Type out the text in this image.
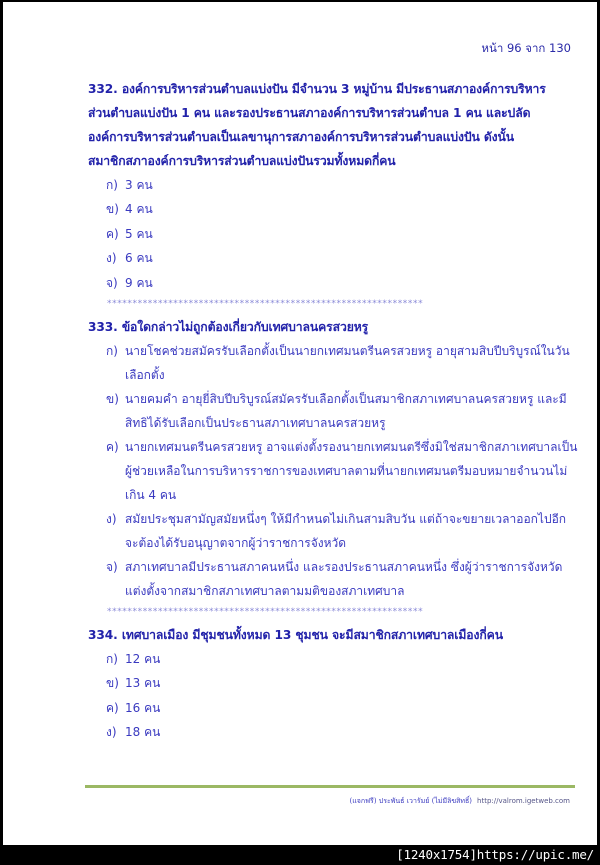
หน้า 96 จาก 130
332. องค์การบริหารส่วนตำบลแบ่งปัน มีจำนวน 3 หมู่บ้าน มีประธานสภาองค์การบริหาร
ส่วนตำบลแบ่งปัน 1 คน และรองประธานสภาองค์การบริหารส่วนตำบล 1 คน และปลัด
องค์การบริหารส่วนตำบลเป็นเลขานุการสภาองค์การบริหารส่วนตำบลแบ่งปัน ดังนั้น
สมาชิกสภาองค์การบริหารส่วนตำบลแบ่งปันรวมทั้งหมดกี่คน
ก) 3 คน
ข) 4 คน
ค) 5 คน
ง) 6 คน
จ) 9 คน
**************************************************************
333. ข้อใดกล่าวไม่ถูกต้องเกี่ยวกับเทศบาลนครสวยหรู
ก) นายโชคช่วยสมัครรับเลือกตั้งเป็นนายกเทศมนตรีนครสวยหรู อายุสามสิบปีบริบูรณ์ในวัน
เลือกตั้ง
ข) นายคมคำ อายุยี่สิบปีบริบูรณ์สมัครรับเลือกตั้งเป็นสมาชิกสภาเทศบาลนครสวยหรู และมี
สิทธิได้รับเลือกเป็นประธานสภาเทศบาลนครสวยหรู
ค) นายกเทศมนตรีนครสวยหรู อาจแต่งตั้งรองนายกเทศมนตรีซึ่งมิใช่สมาชิกสภาเทศบาลเป็น
ผู้ช่วยเหลือในการบริหารราชการของเทศบาลตามที่นายกเทศมนตรีมอบหมายจำนวนไม่
เกิน 4 คน
ง) สมัยประชุมสามัญสมัยหนึ่งๆ ให้มีกำหนดไม่เกินสามสิบวัน แต่ถ้าจะขยายเวลาออกไปอีก
จะต้องได้รับอนุญาตจากผู้ว่าราชการจังหวัด
จ) สภาเทศบาลมีประธานสภาคนหนึ่ง และรองประธานสภาคนหนึ่ง ซึ่งผู้ว่าราชการจังหวัด
แต่งตั้งจากสมาชิกสภาเทศบาลตามมติของสภาเทศบาล
**************************************************************
334. เทศบาลเมือง มีชุมชนทั้งหมด 13 ชุมชน จะมีสมาชิกสภาเทศบาลเมืองกี่คน
ก) 12 คน
ข) 13 คน
ค) 16 คน
ง) 18 คน
(แจกฟรี) ประพันธ์ เวารัมย์ (ไม่มีลิขสิทธิ์) http://valrom.igetweb.com
[1240x1754]https://upic.me/
